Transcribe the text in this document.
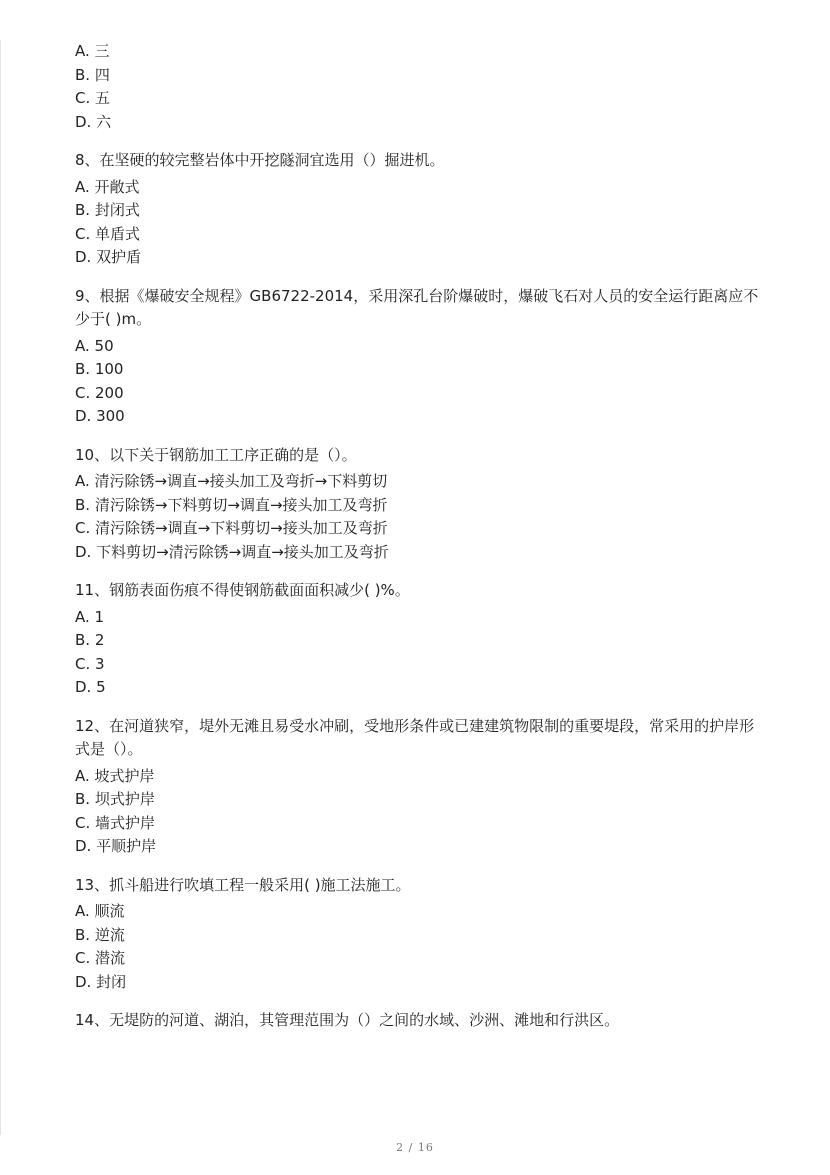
A. 三

B. 四

C. 五

D. 六

8、在坚硬的较完整岩体中开挖隧洞宜选用（）掘进机。

A. 开敞式

B. 封闭式

C. 单盾式

D. 双护盾

9、根据《爆破安全规程》GB6722-2014，采用深孔台阶爆破时，爆破飞石对人员的安全运行距离应不少于( )m。

A. 50

B. 100

C. 200

D. 300

10、以下关于钢筋加工工序正确的是（）。

A. 清污除锈→调直→接头加工及弯折→下料剪切

B. 清污除锈→下料剪切→调直→接头加工及弯折

C. 清污除锈→调直→下料剪切→接头加工及弯折

D. 下料剪切→清污除锈→调直→接头加工及弯折

11、钢筋表面伤痕不得使钢筋截面面积减少( )%。

A. 1

B. 2

C. 3

D. 5

12、在河道狭窄，堤外无滩且易受水冲刷，受地形条件或已建建筑物限制的重要堤段，常采用的护岸形式是（）。

A. 坡式护岸

B. 坝式护岸

C. 墙式护岸

D. 平顺护岸

13、抓斗船进行吹填工程一般采用( )施工法施工。

A. 顺流

B. 逆流

C. 潜流

D. 封闭

14、无堤防的河道、湖泊，其管理范围为（）之间的水域、沙洲、滩地和行洪区。

2 / 16
